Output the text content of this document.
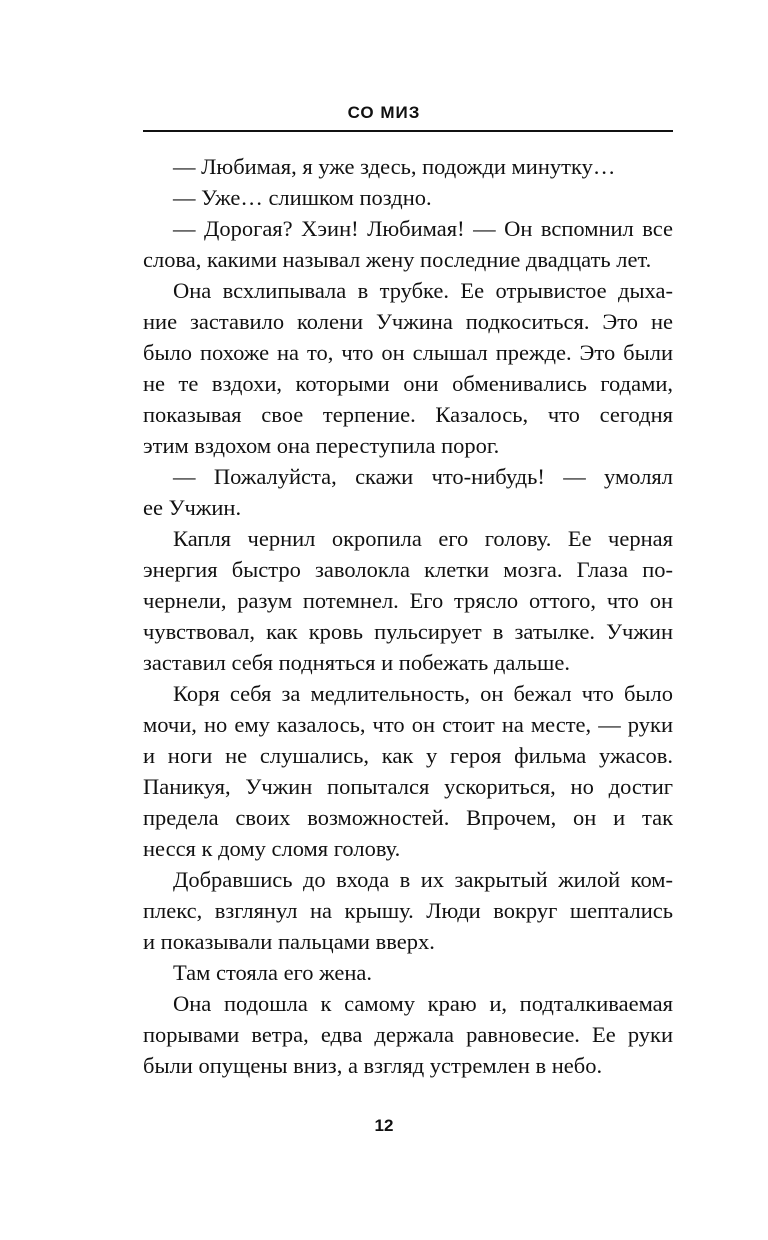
СО МИЗ
— Любимая, я уже здесь, подожди минутку…
— Уже… слишком поздно.
— Дорогая? Хэин! Любимая! — Он вспомнил все
слова, какими называл жену последние двадцать лет.
Она всхлипывала в трубке. Ее отрывистое дыха-
ние заставило колени Учжина подкоситься. Это не
было похоже на то, что он слышал прежде. Это были
не те вздохи, которыми они обменивались годами,
показывая свое терпение. Казалось, что сегодня
этим вздохом она переступила порог.
— Пожалуйста, скажи что-нибудь! — умолял
ее Учжин.
Капля чернил окропила его голову. Ее черная
энергия быстро заволокла клетки мозга. Глаза по-
чернели, разум потемнел. Его трясло оттого, что он
чувствовал, как кровь пульсирует в затылке. Учжин
заставил себя подняться и побежать дальше.
Коря себя за медлительность, он бежал что было
мочи, но ему казалось, что он стоит на месте, — руки
и ноги не слушались, как у героя фильма ужасов.
Паникуя, Учжин попытался ускориться, но достиг
предела своих возможностей. Впрочем, он и так
несся к дому сломя голову.
Добравшись до входа в их закрытый жилой ком-
плекс, взглянул на крышу. Люди вокруг шептались
и показывали пальцами вверх.
Там стояла его жена.
Она подошла к самому краю и, подталкиваемая
порывами ветра, едва держала равновесие. Ее руки
были опущены вниз, а взгляд устремлен в небо.
12
